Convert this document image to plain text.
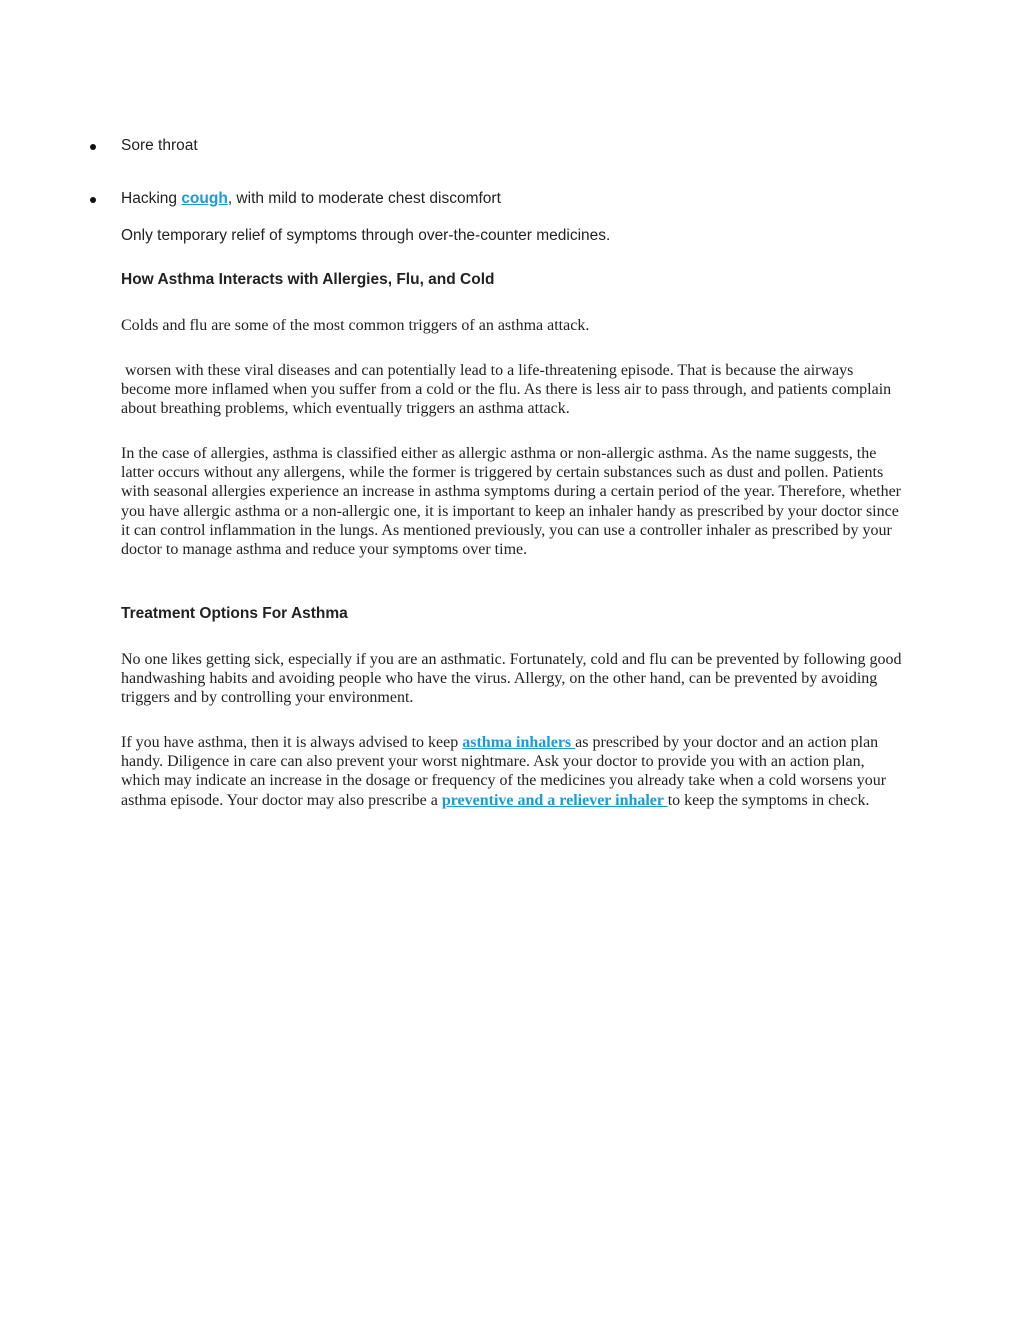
Sore throat
Hacking cough, with mild to moderate chest discomfort
Only temporary relief of symptoms through over-the-counter medicines.
How Asthma Interacts with Allergies, Flu, and Cold
Colds and flu are some of the most common triggers of an asthma attack.
worsen with these viral diseases and can potentially lead to a life-threatening episode. That is because the airways become more inflamed when you suffer from a cold or the flu. As there is less air to pass through, and patients complain about breathing problems, which eventually triggers an asthma attack.
In the case of allergies, asthma is classified either as allergic asthma or non-allergic asthma. As the name suggests, the latter occurs without any allergens, while the former is triggered by certain substances such as dust and pollen. Patients with seasonal allergies experience an increase in asthma symptoms during a certain period of the year. Therefore, whether you have allergic asthma or a non-allergic one, it is important to keep an inhaler handy as prescribed by your doctor since it can control inflammation in the lungs. As mentioned previously, you can use a controller inhaler as prescribed by your doctor to manage asthma and reduce your symptoms over time.
Treatment Options For Asthma
No one likes getting sick, especially if you are an asthmatic. Fortunately, cold and flu can be prevented by following good handwashing habits and avoiding people who have the virus. Allergy, on the other hand, can be prevented by avoiding triggers and by controlling your environment.
If you have asthma, then it is always advised to keep asthma inhalers as prescribed by your doctor and an action plan handy. Diligence in care can also prevent your worst nightmare. Ask your doctor to provide you with an action plan, which may indicate an increase in the dosage or frequency of the medicines you already take when a cold worsens your asthma episode. Your doctor may also prescribe a preventive and a reliever inhaler to keep the symptoms in check.
